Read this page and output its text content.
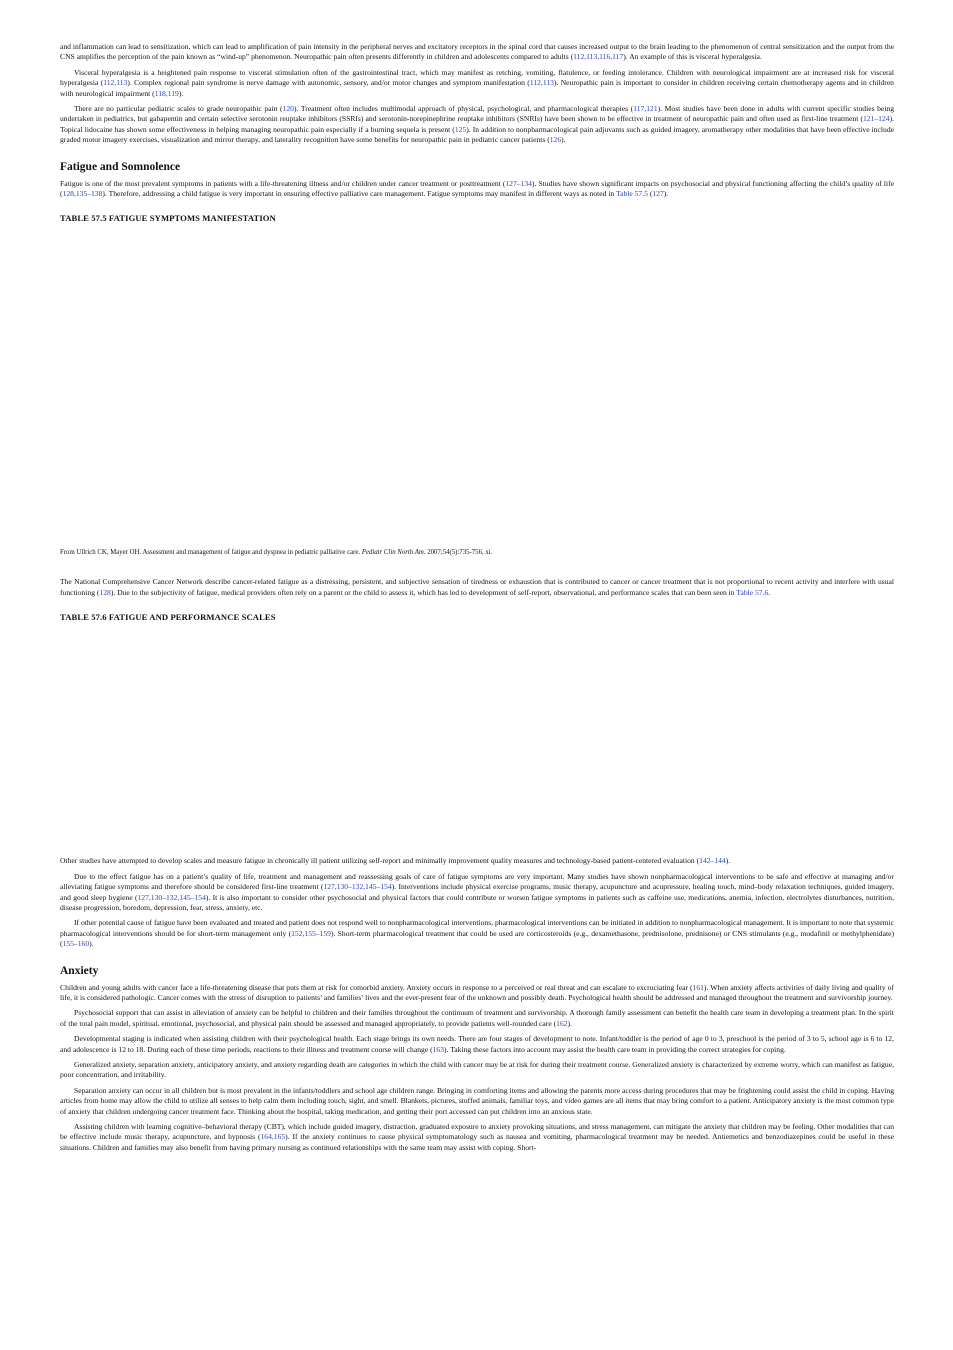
and inflammation can lead to sensitization, which can lead to amplification of pain intensity in the peripheral nerves and excitatory receptors in the spinal cord that causes increased output to the brain leading to the phenomenon of central sensitization and the output from the CNS amplifies the perception of the pain known as “wind-up” phenomenon. Neuropathic pain often presents differently in children and adolescents compared to adults (112,113,116,117). An example of this is visceral hyperalgesia.

Visceral hyperalgesia is a heightened pain response to visceral stimulation often of the gastrointestinal tract, which may manifest as retching, vomiting, flatulence, or feeding intolerance. Children with neurological impairment are at increased risk for visceral hyperalgesia (112,113). Complex regional pain syndrome is nerve damage with autonomic, sensory, and/or motor changes and symptom manifestation (112,113). Neuropathic pain is important to consider in children receiving certain chemotherapy agents and in children with neurological impairment (118,119).

There are no particular pediatric scales to grade neuropathic pain (120). Treatment often includes multimodal approach of physical, psychological, and pharmacological therapies (117,121). Most studies have been done in adults with current specific studies being undertaken in pediatrics, but gabapentin and certain selective serotonin reuptake inhibitors (SSRIs) and serotonin-norepinephrine reuptake inhibitors (SNRIs) have been shown to be effective in treatment of neuropathic pain and often used as first-line treatment (121–124). Topical lidocaine has shown some effectiveness in helping managing neuropathic pain especially if a burning sequela is present (125). In addition to nonpharmacological pain adjuvants such as guided imagery, aromatherapy other modalities that have been effective include graded motor imagery exercises, visualization and mirror therapy, and laterality recognition have some benefits for neuropathic pain in pediatric cancer patients (126).

Fatigue and Somnolence

Fatigue is one of the most prevalent symptoms in patients with a life-threatening illness and/or children under cancer treatment or posttreatment (127–134). Studies have shown significant impacts on psychosocial and physical functioning affecting the child’s quality of life (128,135–138). Therefore, addressing a child fatigue is very important in ensuring effective palliative care management. Fatigue symptoms may manifest in different ways as noted in Table 57.5 (127).

TABLE 57.5 FATIGUE SYMPTOMS MANIFESTATION

From Ullrich CK, Mayer OH. Assessment and management of fatigue and dyspnea in pediatric palliative care. Pediatr Clin North Am. 2007;54(5):735-756, xi.

The National Comprehensive Cancer Network describe cancer-related fatigue as a distressing, persistent, and subjective sensation of tiredness or exhaustion that is contributed to cancer or cancer treatment that is not proportional to recent activity and interfere with usual functioning (128). Due to the subjectivity of fatigue, medical providers often rely on a parent or the child to assess it, which has led to development of self-report, observational, and performance scales that can been seen in Table 57.6.

TABLE 57.6 FATIGUE AND PERFORMANCE SCALES

Other studies have attempted to develop scales and measure fatigue in chronically ill patient utilizing self-report and minimally improvement quality measures and technology-based patient-centered evaluation (142–144).

Due to the effect fatigue has on a patient’s quality of life, treatment and management and reassessing goals of care of fatigue symptoms are very important. Many studies have shown nonpharmacological interventions to be safe and effective at managing and/or alleviating fatigue symptoms and therefore should be considered first-line treatment (127,130–132,145–154). Interventions include physical exercise programs, music therapy, acupuncture and acupressure, healing touch, mind–body relaxation techniques, guided imagery, and good sleep hygiene (127,130–132,145–154). It is also important to consider other psychosocial and physical factors that could contribute or worsen fatigue symptoms in patients such as caffeine use, medications, anemia, infection, electrolytes disturbances, nutrition, disease progression, boredom, depression, fear, stress, anxiety, etc.

If other potential cause of fatigue have been evaluated and treated and patient does not respond well to nonpharmacological interventions, pharmacological interventions can be initiated in addition to nonpharmacological management. It is important to note that systemic pharmacological interventions should be for short-term management only (152,155–159). Short-term pharmacological treatment that could be used are corticosteroids (e.g., dexamethasone, prednisolone, prednisone) or CNS stimulants (e.g., modafinil or methylphenidate) (155–160).

Anxiety

Children and young adults with cancer face a life-threatening disease that puts them at risk for comorbid anxiety. Anxiety occurs in response to a perceived or real threat and can escalate to excruciating fear (161). When anxiety affects activities of daily living and quality of life, it is considered pathologic. Cancer comes with the stress of disruption to patients’ and families’ lives and the ever-present fear of the unknown and possibly death. Psychological health should be addressed and managed throughout the treatment and survivorship journey.

Psychosocial support that can assist in alleviation of anxiety can be helpful to children and their families throughout the continuum of treatment and survivorship. A thorough family assessment can benefit the health care team in developing a treatment plan. In the spirit of the total pain model, spiritual, emotional, psychosocial, and physical pain should be assessed and managed appropriately, to provide patients well-rounded care (162).

Developmental staging is indicated when assisting children with their psychological health. Each stage brings its own needs. There are four stages of development to note. Infant/toddler is the period of age 0 to 3, preschool is the period of 3 to 5, school age is 6 to 12, and adolescence is 12 to 18. During each of these time periods, reactions to their illness and treatment course will change (163). Taking these factors into account may assist the health care team in providing the correct strategies for coping.

Generalized anxiety, separation anxiety, anticipatory anxiety, and anxiety regarding death are categories in which the child with cancer may be at risk for during their treatment course. Generalized anxiety is characterized by extreme worry, which can manifest as fatigue, poor concentration, and irritability.

Separation anxiety can occur in all children but is most prevalent in the infants/toddlers and school age children range. Bringing in comforting items and allowing the parents more access during procedures that may be frightening could assist the child in coping. Having articles from home may allow the child to utilize all senses to help calm them including touch, sight, and smell. Blankets, pictures, stuffed animals, familiar toys, and video games are all items that may bring comfort to a patient. Anticipatory anxiety is the most common type of anxiety that children undergoing cancer treatment face. Thinking about the hospital, taking medication, and getting their port accessed can put children into an anxious state.

Assisting children with learning cognitive–behavioral therapy (CBT), which include guided imagery, distraction, graduated exposure to anxiety provoking situations, and stress management, can mitigate the anxiety that children may be feeling. Other modalities that can be effective include music therapy, acupuncture, and hypnosis (164,165). If the anxiety continues to cause physical symptomatology such as nausea and vomiting, pharmacological treatment may be needed. Antiemetics and benzodiazepines could be useful in these situations. Children and families may also benefit from having primary nursing as continued relationships with the same team may assist with coping. Short-
